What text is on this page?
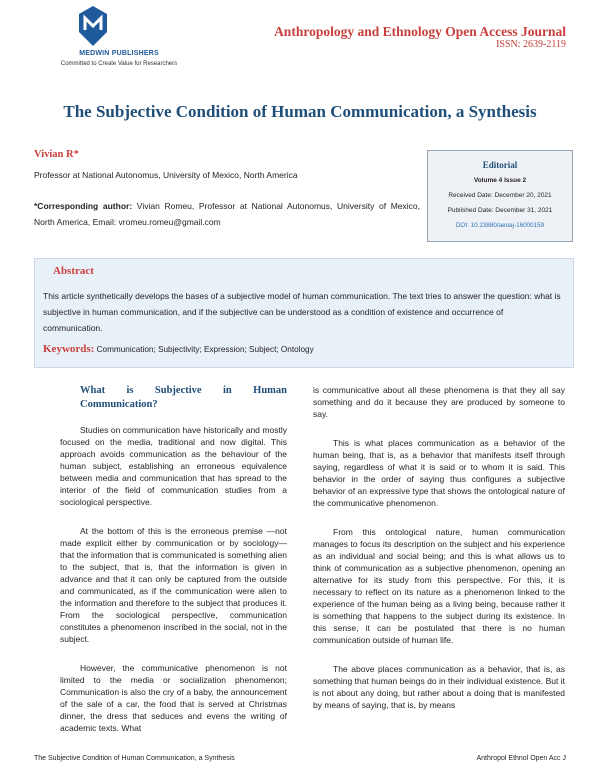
MEDWIN PUBLISHERS
Committed to Create Value for Researchers
Anthropology and Ethnology Open Access Journal
ISSN: 2639-2119
The Subjective Condition of Human Communication, a Synthesis
Vivian R*
Professor at National Autonomus, University of Mexico, North America
*Corresponding author: Vivian Romeu, Professor at National Autonomus, University of Mexico, North America, Email: vromeu.romeu@gmail.com
Editorial
Volume 4 Issue 2
Received Date: December 20, 2021
Published Date: December 31, 2021
DOI: 10.23880/aeoaj-16000159
Abstract
This article synthetically develops the bases of a subjective model of human communication. The text tries to answer the question: what is subjective in human communication, and if the subjective can be understood as a condition of existence and occurrence of communication.
Keywords: Communication; Subjectivity; Expression; Subject; Ontology
What is Subjective in Human
Communication?

Studies on communication have historically and mostly focused on the media, traditional and now digital. This approach avoids communication as the behaviour of the human subject, establishing an erroneous equivalence between media and communication that has spread to the interior of the field of communication studies from a sociological perspective.

At the bottom of this is the erroneous premise —not made explicit either by communication or by sociology— that the information that is communicated is something alien to the subject, that is, that the information is given in advance and that it can only be captured from the outside and communicated, as if the communication were alien to the information and therefore to the subject that produces it. From the sociological perspective, communication constitutes a phenomenon inscribed in the social, not in the subject.

However, the communicative phenomenon is not limited to the media or socialization phenomenon; Communication is also the cry of a baby, the announcement of the sale of a car, the food that is served at Christmas dinner, the dress that seduces and evens the writing of academic texts. What

is communicative about all these phenomena is that they all say something and do it because they are produced by someone to say.

This is what places communication as a behavior of the human being, that is, as a behavior that manifests itself through saying, regardless of what it is said or to whom it is said. This behavior in the order of saying thus configures a subjective behavior of an expressive type that shows the ontological nature of the communicative phenomenon.

From this ontological nature, human communication manages to focus its description on the subject and his experience as an individual and social being; and this is what allows us to think of communication as a subjective phenomenon, opening an alternative for its study from this perspective. For this, it is necessary to reflect on its nature as a phenomenon linked to the experience of the human being as a living being, because rather it is something that happens to the subject during its existence. In this sense, it can be postulated that there is no human communication outside of human life.

The above places communication as a behavior, that is, as something that human beings do in their individual existence. But it is not about any doing, but rather about a doing that is manifested by means of saying, that is, by means

The Subjective Condition of Human Communication, a Synthesis	Anthropol Ethnol Open Acc J
